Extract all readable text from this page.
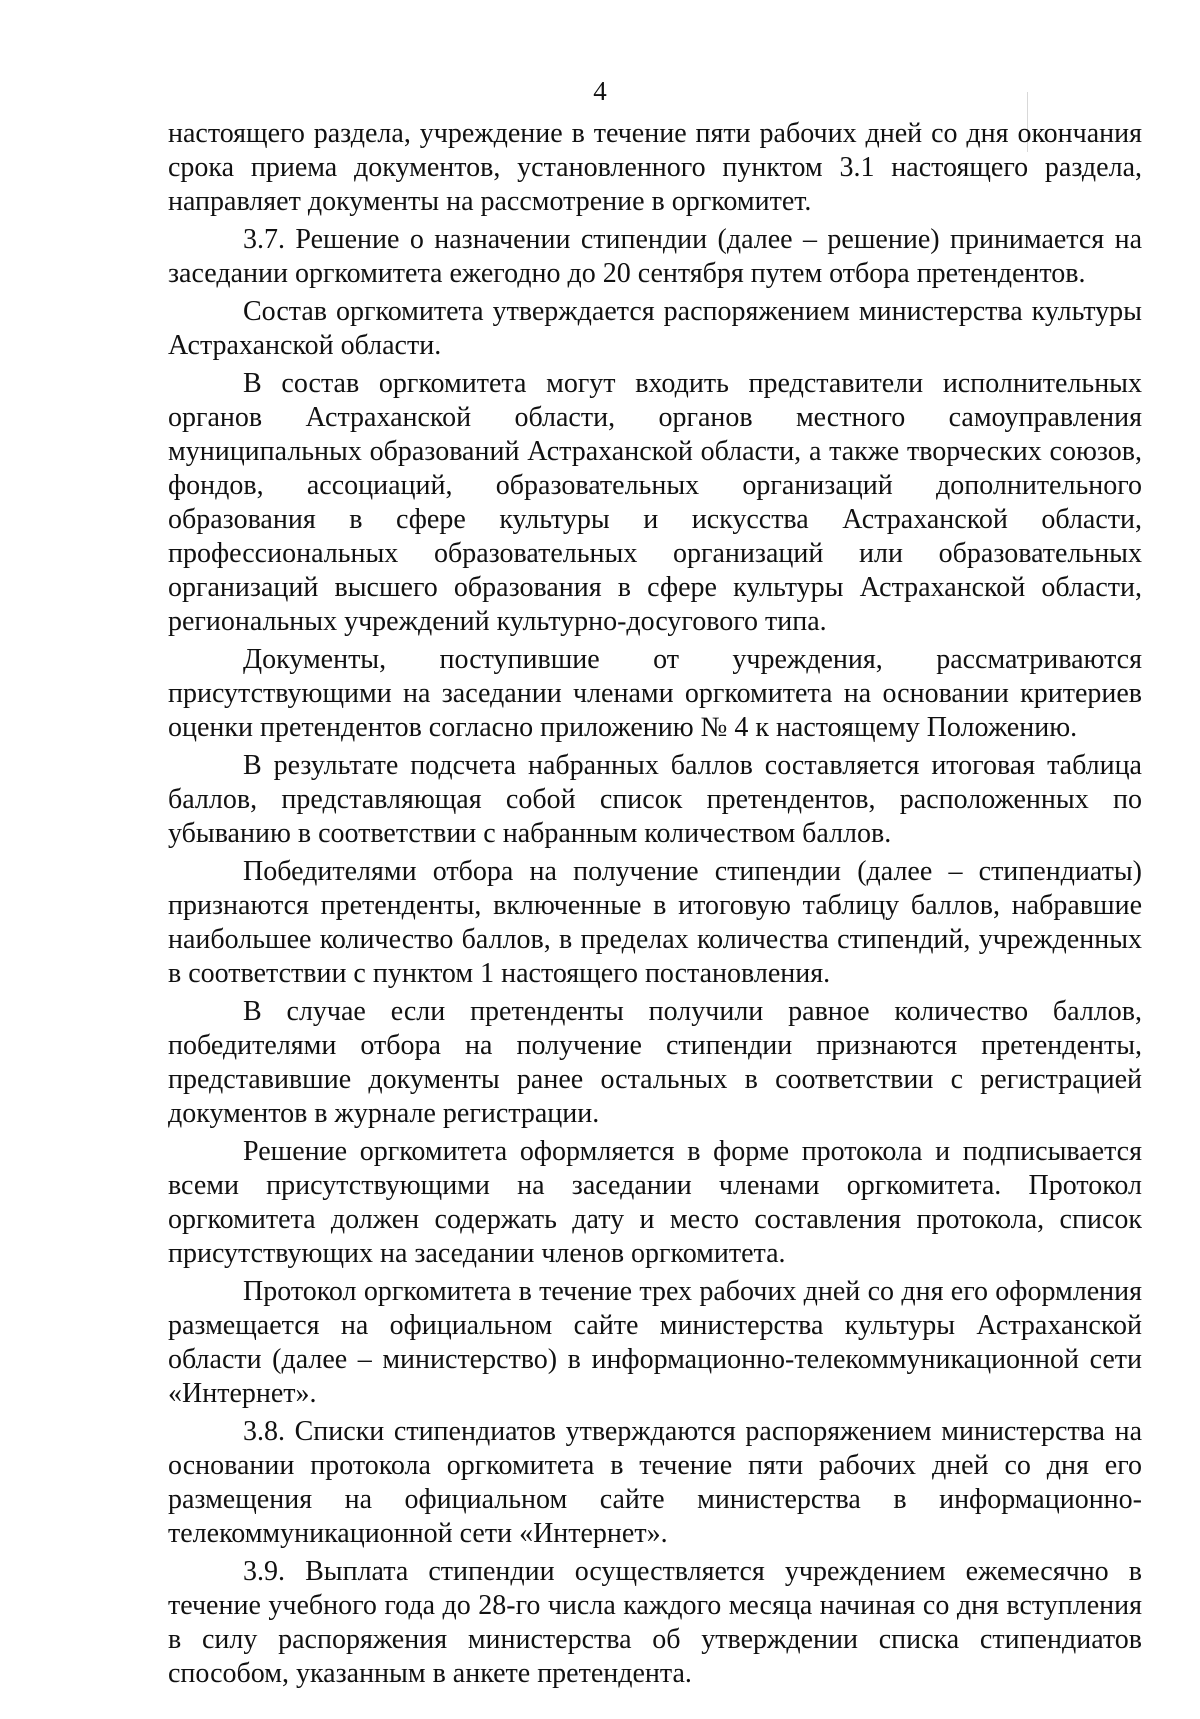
4

настоящего раздела, учреждение в течение пяти рабочих дней со дня окончания срока приема документов, установленного пунктом 3.1 настоящего раздела, направляет документы на рассмотрение в оргкомитет.

3.7. Решение о назначении стипендии (далее – решение) принимается на заседании оргкомитета ежегодно до 20 сентября путем отбора претендентов.

Состав оргкомитета утверждается распоряжением министерства культуры Астраханской области.

В состав оргкомитета могут входить представители исполнительных органов Астраханской области, органов местного самоуправления муниципальных образований Астраханской области, а также творческих союзов, фондов, ассоциаций, образовательных организаций дополнительного образования в сфере культуры и искусства Астраханской области, профессиональных образовательных организаций или образовательных организаций высшего образования в сфере культуры Астраханской области, региональных учреждений культурно-досугового типа.

Документы, поступившие от учреждения, рассматриваются присутствующими на заседании членами оргкомитета на основании критериев оценки претендентов согласно приложению № 4 к настоящему Положению.

В результате подсчета набранных баллов составляется итоговая таблица баллов, представляющая собой список претендентов, расположенных по убыванию в соответствии с набранным количеством баллов.

Победителями отбора на получение стипендии (далее – стипендиаты) признаются претенденты, включенные в итоговую таблицу баллов, набравшие наибольшее количество баллов, в пределах количества стипендий, учрежденных в соответствии с пунктом 1 настоящего постановления.

В случае если претенденты получили равное количество баллов, победителями отбора на получение стипендии признаются претенденты, представившие документы ранее остальных в соответствии с регистрацией документов в журнале регистрации.

Решение оргкомитета оформляется в форме протокола и подписывается всеми присутствующими на заседании членами оргкомитета. Протокол оргкомитета должен содержать дату и место составления протокола, список присутствующих на заседании членов оргкомитета.

Протокол оргкомитета в течение трех рабочих дней со дня его оформления размещается на официальном сайте министерства культуры Астраханской области (далее – министерство) в информационно-телекоммуникационной сети «Интернет».

3.8. Списки стипендиатов утверждаются распоряжением министерства на основании протокола оргкомитета в течение пяти рабочих дней со дня его размещения на официальном сайте министерства в информационно-телекоммуникационной сети «Интернет».

3.9. Выплата стипендии осуществляется учреждением ежемесячно в течение учебного года до 28-го числа каждого месяца начиная со дня вступления в силу распоряжения министерства об утверждении списка стипендиатов способом, указанным в анкете претендента.
